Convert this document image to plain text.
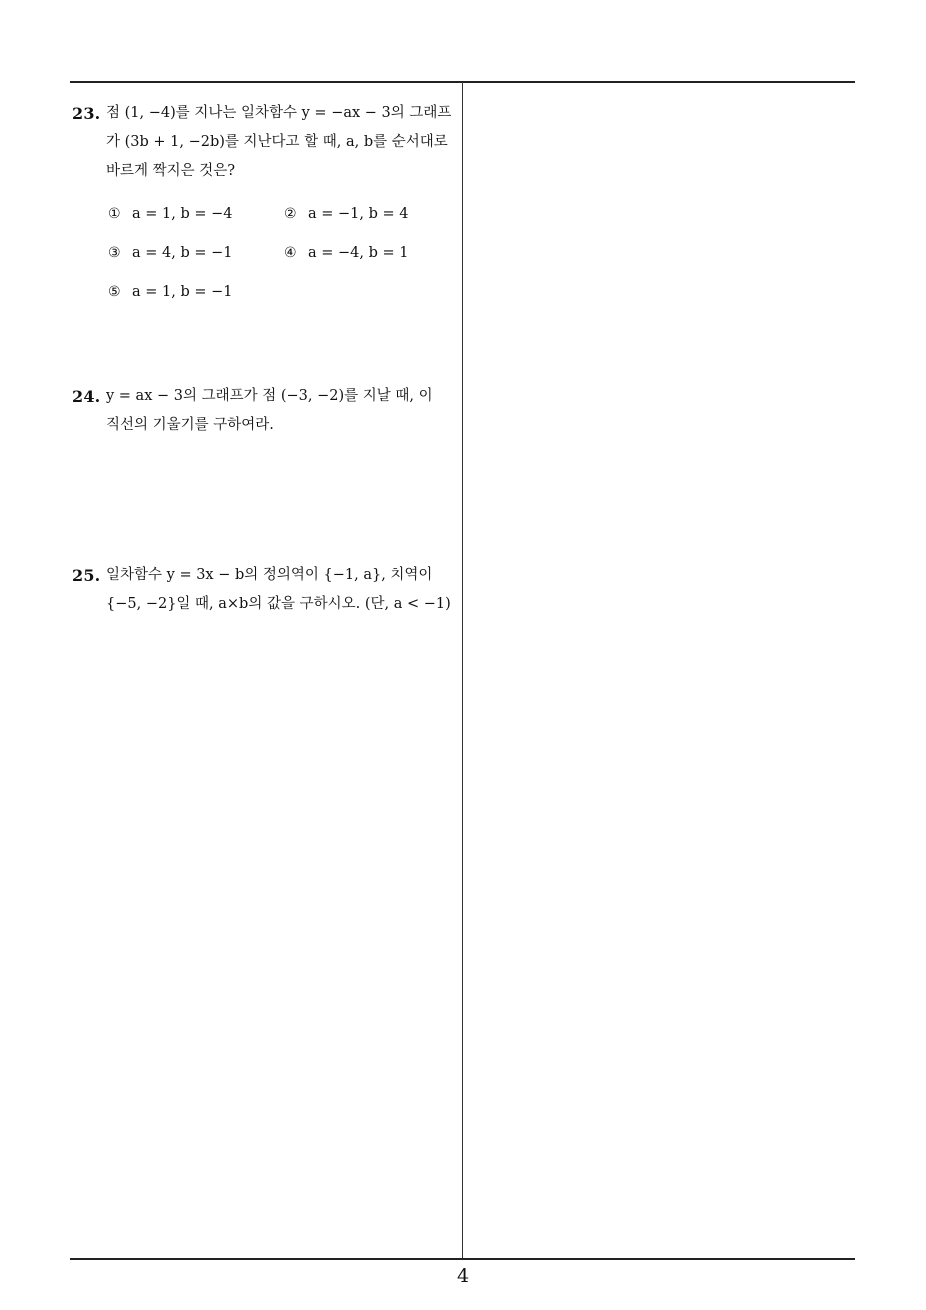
23. 점 (1, −4)를 지나는 일차함수 y = −ax − 3의 그래프
가 (3b + 1, −2b)를 지난다고 할 때, a, b를 순서대로
바르게 짝지은 것은?
① a = 1, b = −4	② a = −1, b = 4
③ a = 4, b = −1	④ a = −4, b = 1
⑤ a = 1, b = −1
24. y = ax − 3의 그래프가 점 (−3, −2)를 지날 때, 이
직선의 기울기를 구하여라.
25. 일차함수 y = 3x − b의 정의역이 {−1, a}, 치역이
{−5, −2}일 때, a×b의 값을 구하시오. (단, a < −1)
4
